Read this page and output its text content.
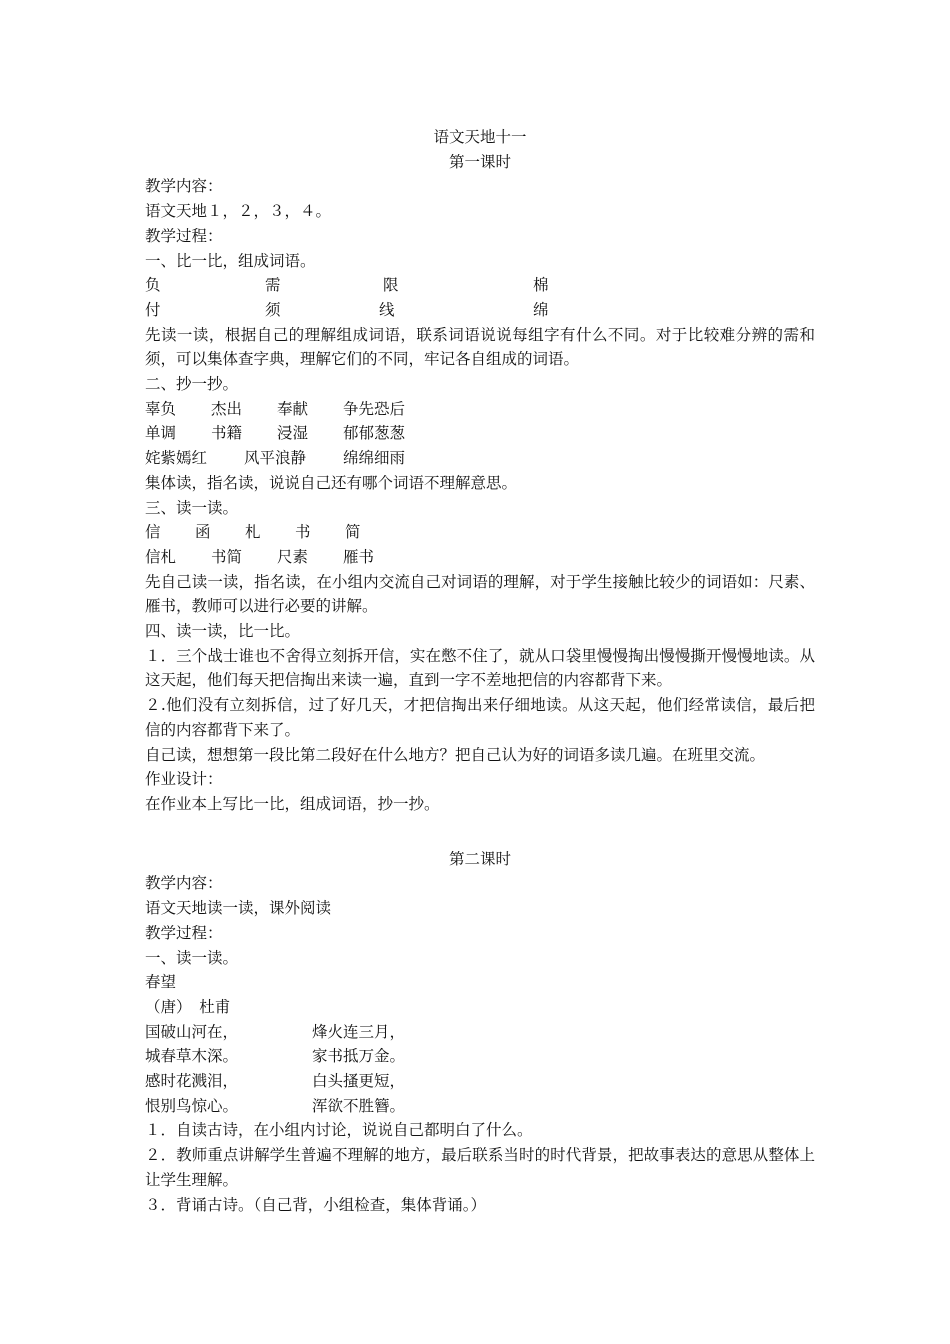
语文天地十一
第一课时
教学内容：
语文天地１，２，３，４。
教学过程：
一、比一比，组成词语。
负	需	限	棉
付	须	线	绵
先读一读，根据自己的理解组成词语，联系词语说说每组字有什么不同。对于比较难分辨的需和须，可以集体查字典，理解它们的不同，牢记各自组成的词语。
二、抄一抄。
辜负	杰出	奉献	争先恐后
单调	书籍	浸湿	郁郁葱葱
姹紫嫣红	风平浪静	绵绵细雨
集体读，指名读，说说自己还有哪个词语不理解意思。
三、读一读。
信	函	札	书	简
信札	书简	尺素	雁书
先自己读一读，指名读，在小组内交流自己对词语的理解，对于学生接触比较少的词语如：尺素、雁书，教师可以进行必要的讲解。
四、读一读，比一比。
１．三个战士谁也不舍得立刻拆开信，实在憋不住了，就从口袋里慢慢掏出慢慢撕开慢慢地读。从这天起，他们每天把信掏出来读一遍，直到一字不差地把信的内容都背下来。
２.他们没有立刻拆信，过了好几天，才把信掏出来仔细地读。从这天起，他们经常读信，最后把信的内容都背下来了。
自己读，想想第一段比第二段好在什么地方？把自己认为好的词语多读几遍。在班里交流。
作业设计：
在作业本上写比一比，组成词语，抄一抄。
第二课时
教学内容：
语文天地读一读，课外阅读
教学过程：
一、读一读。
春望
（唐）　杜甫
国破山河在，	烽火连三月，
城春草木深。	家书抵万金。
感时花溅泪，	白头搔更短，
恨别鸟惊心。	浑欲不胜簪。
１．自读古诗，在小组内讨论，说说自己都明白了什么。
２．教师重点讲解学生普遍不理解的地方，最后联系当时的时代背景，把故事表达的意思从整体上让学生理解。
３．背诵古诗。（自己背，小组检查，集体背诵。）
